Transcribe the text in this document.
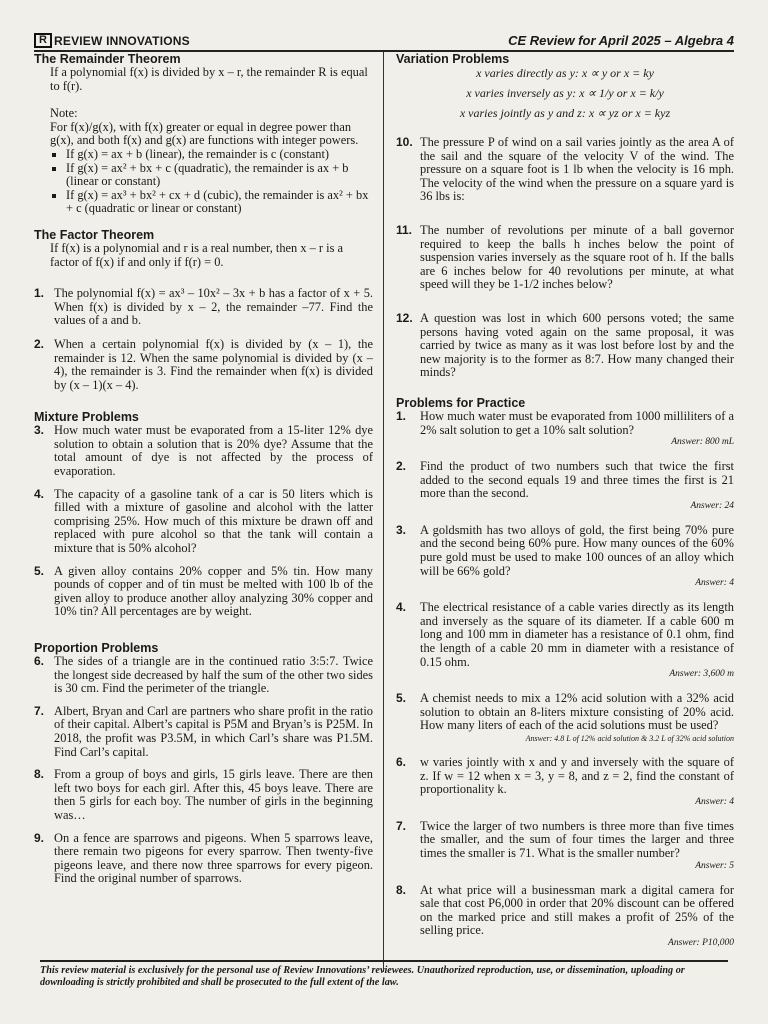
R REVIEW INNOVATIONS	CE Review for April 2025 – Algebra 4
The Remainder Theorem

If a polynomial f(x) is divided by x – r, the remainder R is equal to f(r).

Note:

For f(x)/g(x), with f(x) greater or equal in degree power than g(x), and both f(x) and g(x) are functions with integer powers.

▪ If g(x) = ax + b (linear), the remainder is c (constant)
▪ If g(x) = ax² + bx + c (quadratic), the remainder is ax + b (linear or constant)
▪ If g(x) = ax³ + bx² + cx + d (cubic), the remainder is ax² + bx + c (quadratic or linear or constant)
The Factor Theorem

If f(x) is a polynomial and r is a real number, then x – r is a factor of f(x) if and only if f(r) = 0.

1. The polynomial f(x) = ax³ – 10x² – 3x + b has a factor of x + 5. When f(x) is divided by x – 2, the remainder –77. Find the values of a and b.
2. When a certain polynomial f(x) is divided by (x – 1), the remainder is 12. When the same polynomial is divided by (x – 4), the remainder is 3. Find the remainder when f(x) is divided by (x – 1)(x – 4).
Mixture Problems
3. How much water must be evaporated from a 15-liter 12% dye solution to obtain a solution that is 20% dye? Assume that the total amount of dye is not affected by the process of evaporation.
4. The capacity of a gasoline tank of a car is 50 liters which is filled with a mixture of gasoline and alcohol with the latter comprising 25%. How much of this mixture be drawn off and replaced with pure alcohol so that the tank will contain a mixture that is 50% alcohol?
5. A given alloy contains 20% copper and 5% tin. How many pounds of copper and of tin must be melted with 100 lb of the given alloy to produce another alloy analyzing 30% copper and 10% tin? All percentages are by weight.
Proportion Problems
6. The sides of a triangle are in the continued ratio 3:5:7. Twice the longest side decreased by half the sum of the other two sides is 30 cm. Find the perimeter of the triangle.
7. Albert, Bryan and Carl are partners who share profit in the ratio of their capital. Albert’s capital is P5M and Bryan’s is P25M. In 2018, the profit was P3.5M, in which Carl’s share was P1.5M. Find Carl’s capital.
8. From a group of boys and girls, 15 girls leave. There are then left two boys for each girl. After this, 45 boys leave. There are then 5 girls for each boy. The number of girls in the beginning was…
9. On a fence are sparrows and pigeons. When 5 sparrows leave, there remain two pigeons for every sparrow. Then twenty-five pigeons leave, and there now three sparrows for every pigeon. Find the original number of sparrows.
Variation Problems

x varies directly as y: x ∝ y or x = ky

x varies inversely as y: x ∝ 1/y or x = k/y

x varies jointly as y and z: x ∝ yz or x = kyz

10. The pressure P of wind on a sail varies jointly as the area A of the sail and the square of the velocity V of the wind. The pressure on a square foot is 1 lb when the velocity is 16 mph. The velocity of the wind when the pressure on a square yard is 36 lbs is:
11. The number of revolutions per minute of a ball governor required to keep the balls h inches below the point of suspension varies inversely as the square root of h. If the balls are 6 inches below for 40 revolutions per minute, at what speed will they be 1-1/2 inches below?
12. A question was lost in which 600 persons voted; the same persons having voted again on the same proposal, it was carried by twice as many as it was lost before lost by and the new majority is to the former as 8:7. How many changed their minds?
Problems for Practice
1. How much water must be evaporated from 1000 milliliters of a 2% salt solution to get a 10% salt solution?
Answer: 800 mL
2. Find the product of two numbers such that twice the first added to the second equals 19 and three times the first is 21 more than the second.
Answer: 24
3. A goldsmith has two alloys of gold, the first being 70% pure and the second being 60% pure. How many ounces of the 60% pure gold must be used to make 100 ounces of an alloy which will be 66% gold?
Answer: 4
4. The electrical resistance of a cable varies directly as its length and inversely as the square of its diameter. If a cable 600 m long and 100 mm in diameter has a resistance of 0.1 ohm, find the length of a cable 20 mm in diameter with a resistance of 0.15 ohm.
Answer: 3,600 m
5. A chemist needs to mix a 12% acid solution with a 32% acid solution to obtain an 8-liters mixture consisting of 20% acid. How many liters of each of the acid solutions must be used?
Answer: 4.8 L of 12% acid solution & 3.2 L of 32% acid solution
6. w varies jointly with x and y and inversely with the square of z. If w = 12 when x = 3, y = 8, and z = 2, find the constant of proportionality k.
Answer: 4
7. Twice the larger of two numbers is three more than five times the smaller, and the sum of four times the larger and three times the smaller is 71. What is the smaller number?
Answer: 5
8. At what price will a businessman mark a digital camera for sale that cost P6,000 in order that 20% discount can be offered on the marked price and still makes a profit of 25% of the selling price.
Answer: P10,000
This review material is exclusively for the personal use of Review Innovations’ reviewees. Unauthorized reproduction, use, or dissemination, uploading or downloading is strictly prohibited and shall be prosecuted to the full extent of the law.
